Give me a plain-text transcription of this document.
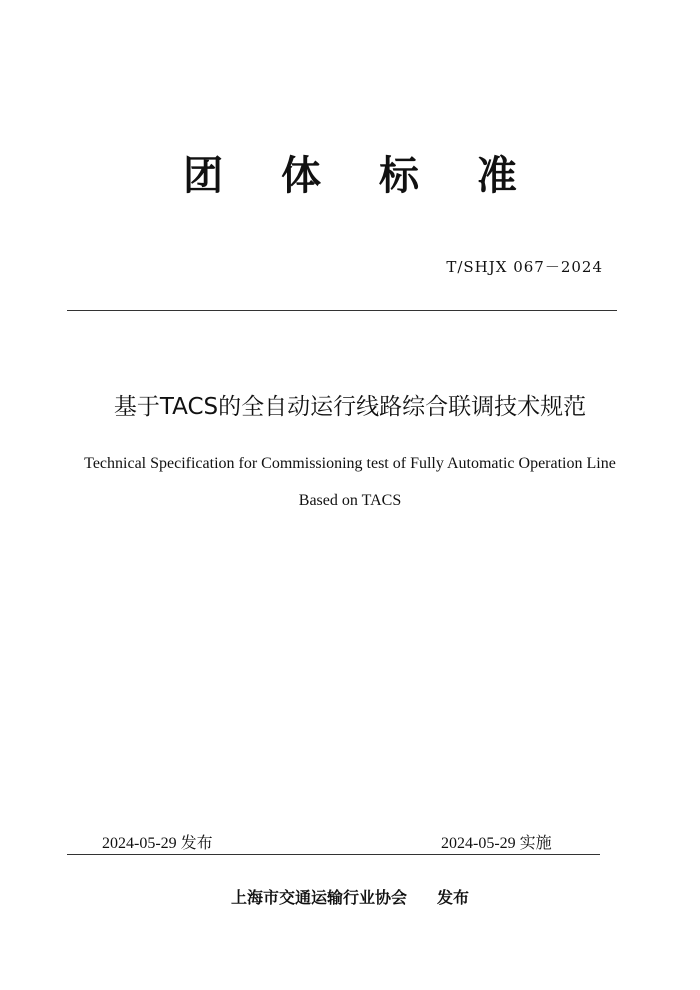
团 体 标 准
T/SHJX 067－2024
基于TACS的全自动运行线路综合联调技术规范
Technical Specification for Commissioning test of Fully Automatic Operation Line
Based on TACS
2024-05-29 发布	2024-05-29 实施
上海市交通运输行业协会 发布
